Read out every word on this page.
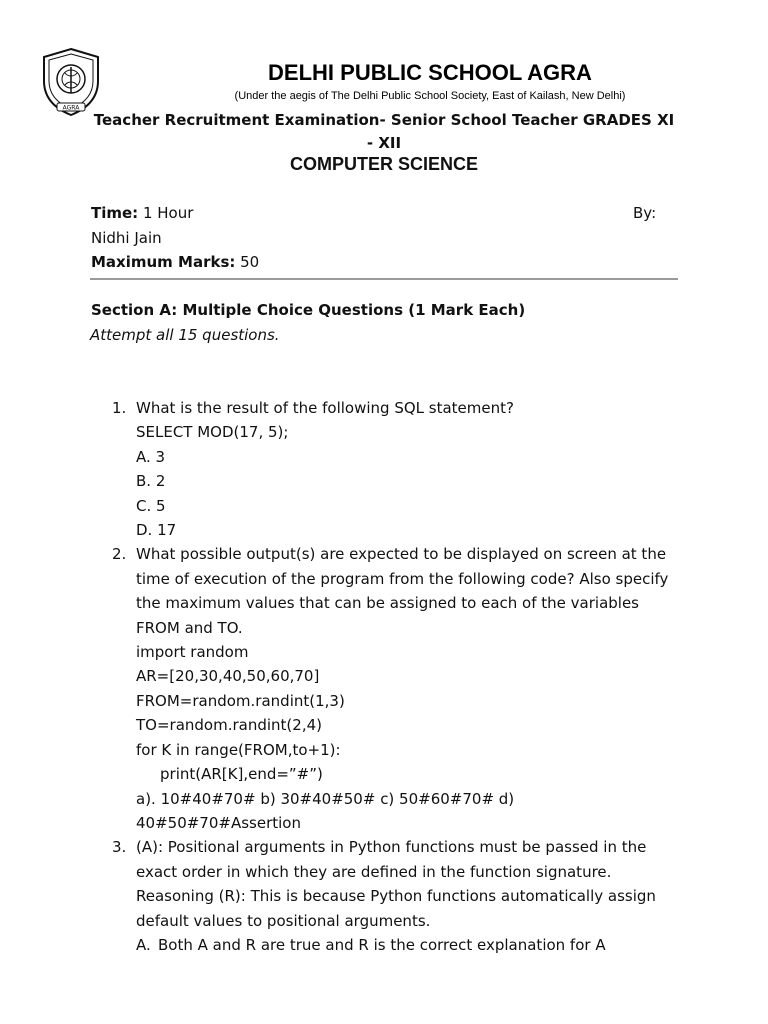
AGRA
DELHI PUBLIC SCHOOL AGRA
(Under the aegis of The Delhi Public School Society, East of Kailash, New Delhi)
Teacher Recruitment Examination- Senior School Teacher GRADES XI
- XII
COMPUTER SCIENCE
Time: 1 Hour	By:
Nidhi Jain
Maximum Marks: 50
Section A: Multiple Choice Questions (1 Mark Each)
Attempt all 15 questions.
1. What is the result of the following SQL statement?
SELECT MOD(17, 5);
A. 3
B. 2
C. 5
D. 17
2. What possible output(s) are expected to be displayed on screen at the
time of execution of the program from the following code? Also specify
the maximum values that can be assigned to each of the variables
FROM and TO.
import random
AR=[20,30,40,50,60,70]
FROM=random.randint(1,3)
TO=random.randint(2,4)
for K in range(FROM,to+1):
print(AR[K],end=”#”)
a). 10#40#70# b) 30#40#50# c) 50#60#70# d)
40#50#70#Assertion
3. (A): Positional arguments in Python functions must be passed in the
exact order in which they are defined in the function signature.
Reasoning (R): This is because Python functions automatically assign
default values to positional arguments.
A. Both A and R are true and R is the correct explanation for A
